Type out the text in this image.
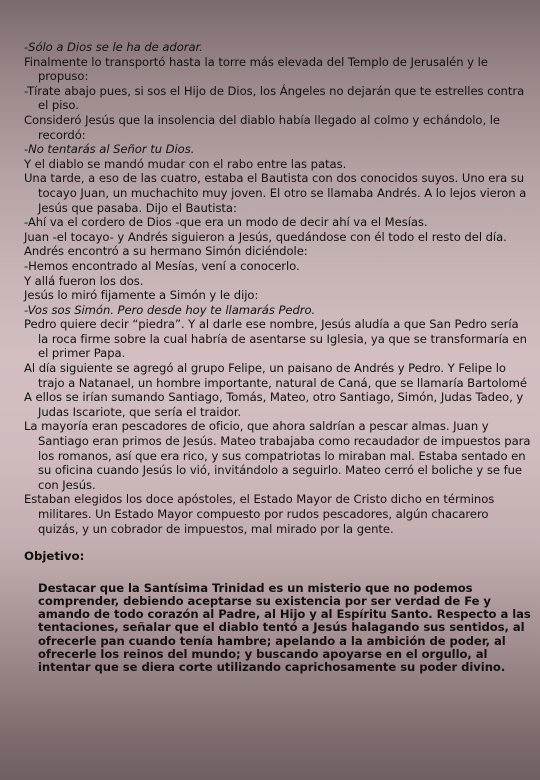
-Sólo a Dios se le ha de adorar.
Finalmente lo transportó hasta la torre más elevada del Templo de Jerusalén y le propuso:
-Tírate abajo pues, si sos el Hijo de Dios, los Ángeles no dejarán que te estrelles contra el piso.
Consideró Jesús que la insolencia del diablo había llegado al colmo y echándolo, le recordó:
-No tentarás al Señor tu Dios.
Y el diablo se mandó mudar con el rabo entre las patas.
Una tarde, a eso de las cuatro, estaba el Bautista con dos conocidos suyos. Uno era su tocayo Juan, un muchachito muy joven. El otro se llamaba Andrés. A lo lejos vieron a Jesús que pasaba. Dijo el Bautista:
-Ahí va el cordero de Dios -que era un modo de decir ahí va el Mesías.
Juan -el tocayo- y Andrés siguieron a Jesús, quedándose con él todo el resto del día.
Andrés encontró a su hermano Simón diciéndole:
-Hemos encontrado al Mesías, vení a conocerlo.
Y allá fueron los dos.
Jesús lo miró fijamente a Simón y le dijo:
-Vos sos Simón. Pero desde hoy te llamarás Pedro.
Pedro quiere decir “piedra”. Y al darle ese nombre, Jesús aludía a que San Pedro sería la roca firme sobre la cual habría de asentarse su Iglesia, ya que se transformaría en el primer Papa.
Al día siguiente se agregó al grupo Felipe, un paisano de Andrés y Pedro. Y Felipe lo trajo a Natanael, un hombre importante, natural de Caná, que se llamaría Bartolomé
A ellos se irían sumando Santiago, Tomás, Mateo, otro Santiago, Simón, Judas Tadeo, y Judas Iscariote, que sería el traidor.
La mayoría eran pescadores de oficio, que ahora saldrían a pescar almas. Juan y Santiago eran primos de Jesús. Mateo trabajaba como recaudador de impuestos para los romanos, así que era rico, y sus compatriotas lo miraban mal. Estaba sentado en su oficina cuando Jesús lo vió, invitándolo a seguirlo. Mateo cerró el boliche y se fue con Jesús.
Estaban elegidos los doce apóstoles, el Estado Mayor de Cristo dicho en términos militares. Un Estado Mayor compuesto por rudos pescadores, algún chacarero quizás, y un cobrador de impuestos, mal mirado por la gente.
Objetivo:
Destacar que la Santísima Trinidad es un misterio que no podemos comprender, debiendo aceptarse su existencia por ser verdad de Fe y amando de todo corazón al Padre, al Hijo y al Espíritu Santo. Respecto a las tentaciones, señalar que el diablo tentó a Jesús halagando sus sentidos, al ofrecerle pan cuando tenía hambre; apelando a la ambición de poder, al ofrecerle los reinos del mundo; y buscando apoyarse en el orgullo, al intentar que se diera corte utilizando caprichosamente su poder divino.
